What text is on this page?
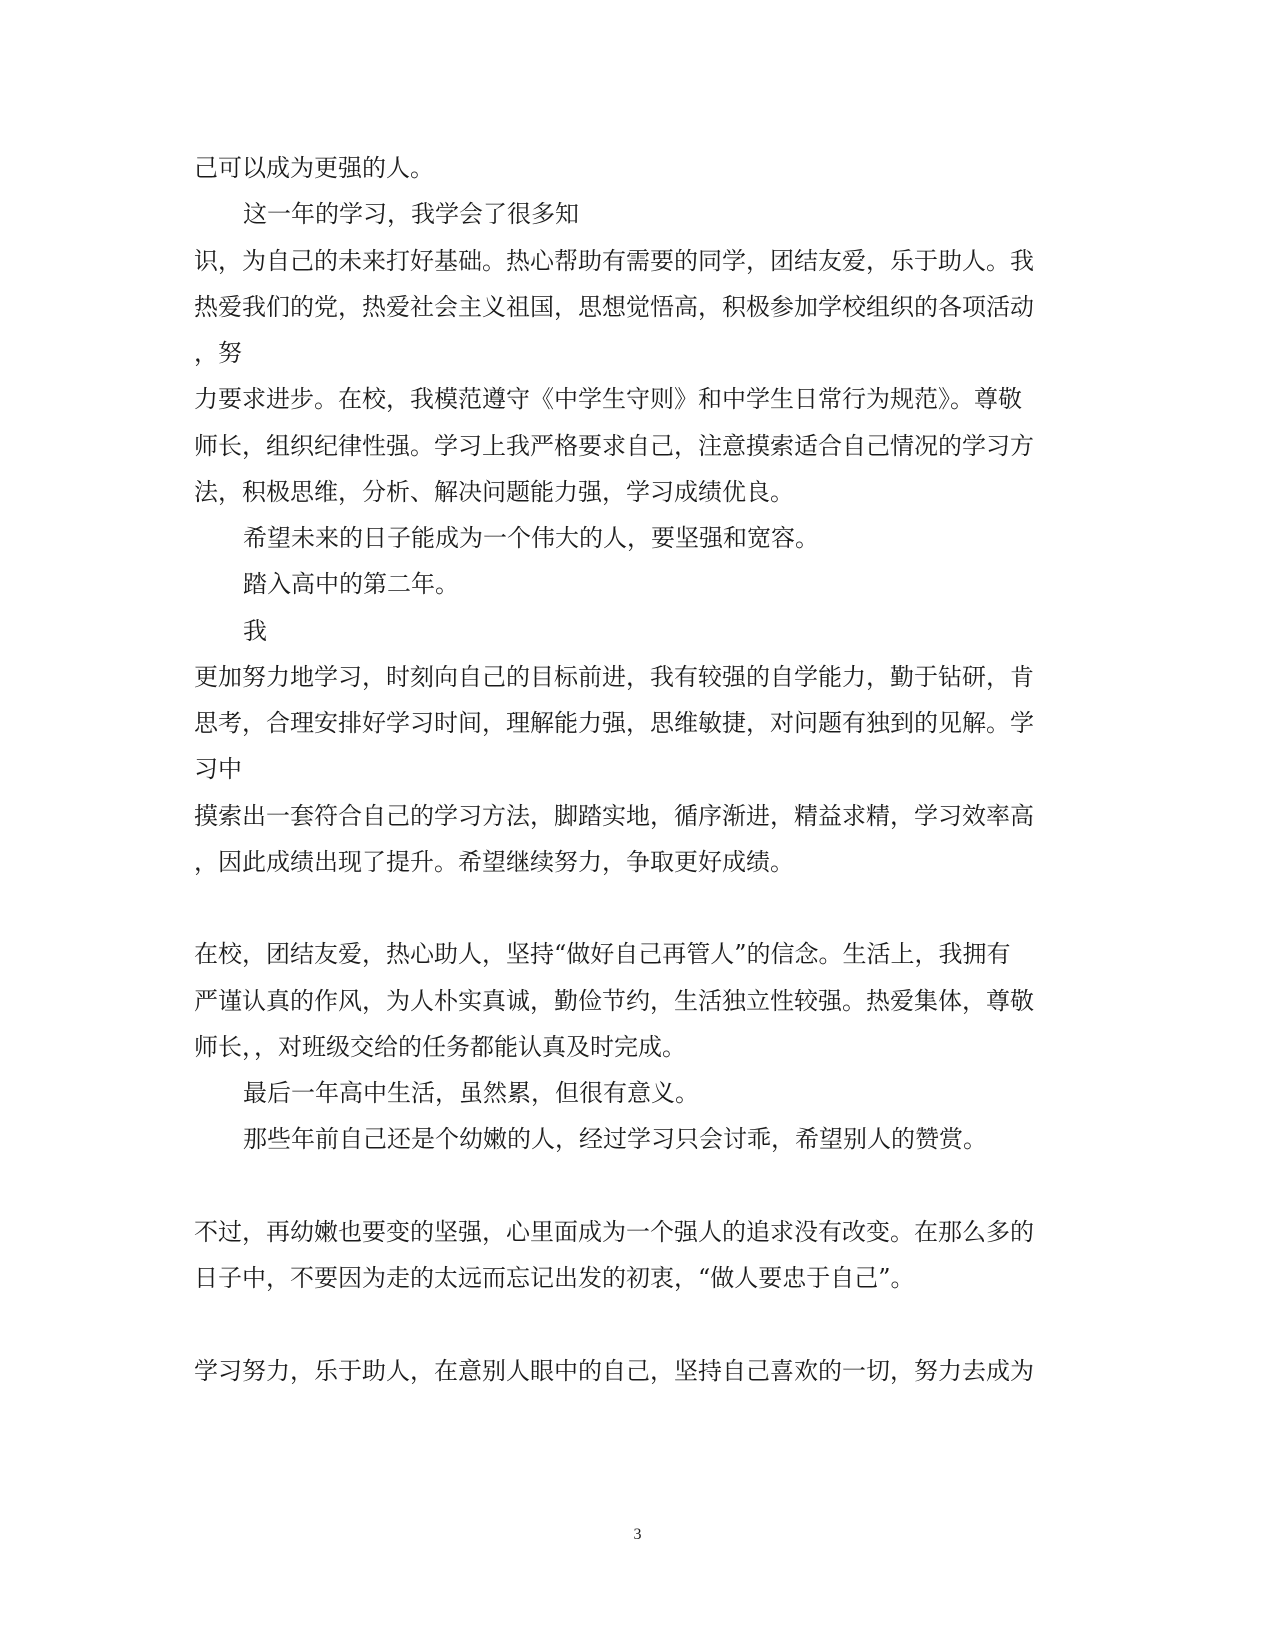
己可以成为更强的人。
这一年的学习，我学会了很多知
识，为自己的未来打好基础。热心帮助有需要的同学，团结友爱，乐于助人。我
热爱我们的党，热爱社会主义祖国，思想觉悟高，积极参加学校组织的各项活动
，努
力要求进步。在校，我模范遵守《中学生守则》和中学生日常行为规范》。尊敬
师长，组织纪律性强。学习上我严格要求自己，注意摸索适合自己情况的学习方
法，积极思维，分析、解决问题能力强，学习成绩优良。
希望未来的日子能成为一个伟大的人，要坚强和宽容。
踏入高中的第二年。
我
更加努力地学习，时刻向自己的目标前进，我有较强的自学能力，勤于钻研，肯
思考，合理安排好学习时间，理解能力强，思维敏捷，对问题有独到的见解。学
习中
摸索出一套符合自己的学习方法，脚踏实地，循序渐进，精益求精，学习效率高
，因此成绩出现了提升。希望继续努力，争取更好成绩。
在校，团结友爱，热心助人，坚持“做好自己再管人”的信念。生活上，我拥有
严谨认真的作风，为人朴实真诚，勤俭节约，生活独立性较强。热爱集体，尊敬
师长，，对班级交给的任务都能认真及时完成。
最后一年高中生活，虽然累，但很有意义。
那些年前自己还是个幼嫩的人，经过学习只会讨乖，希望别人的赞赏。
不过，再幼嫩也要变的坚强，心里面成为一个强人的追求没有改变。在那么多的
日子中，不要因为走的太远而忘记出发的初衷，“做人要忠于自己”。
学习努力，乐于助人，在意别人眼中的自己，坚持自己喜欢的一切，努力去成为
3
